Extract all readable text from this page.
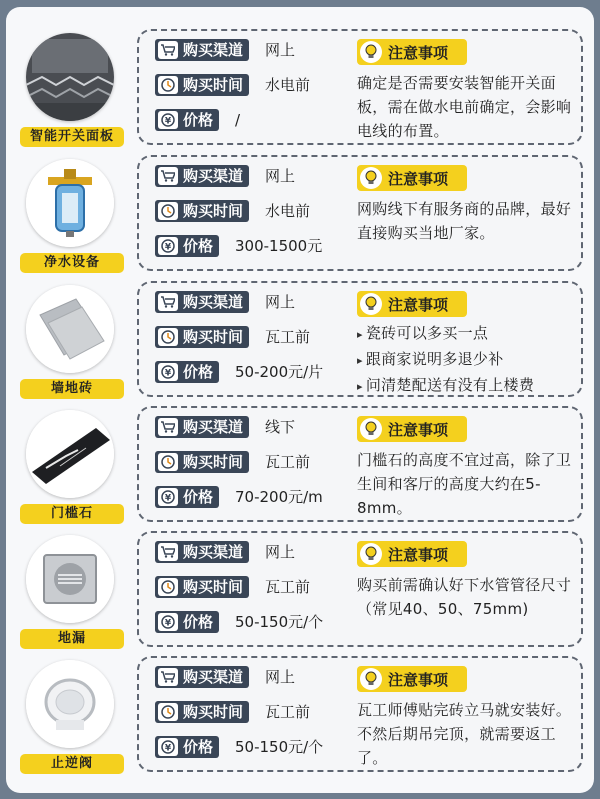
智能开关面板
购买渠道 网上
购买时间 水电前
¥ 价格 /
注意事项
确定是否需要安装智能开关面板，需在做水电前确定，会影响电线的布置。
净水设备
购买渠道 网上
购买时间 水电前
¥ 价格 300-1500元
注意事项
网购线下有服务商的品牌，最好直接购买当地厂家。
墙地砖
购买渠道 网上
购买时间 瓦工前
¥ 价格 50-200元/片
注意事项
▸ 瓷砖可以多买一点
▸ 跟商家说明多退少补
▸ 问清楚配送有没有上楼费
门槛石
购买渠道 线下
购买时间 瓦工前
¥ 价格 70-200元/m
注意事项
门槛石的高度不宜过高，除了卫生间和客厅的高度大约在5-8mm。
地漏
购买渠道 网上
购买时间 瓦工前
¥ 价格 50-150元/个
注意事项
购买前需确认好下水管管径尺寸（常见40、50、75mm)
止逆阀
购买渠道 网上
购买时间 瓦工前
¥ 价格 50-150元/个
注意事项
瓦工师傅贴完砖立马就安装好。不然后期吊完顶，就需要返工了。
